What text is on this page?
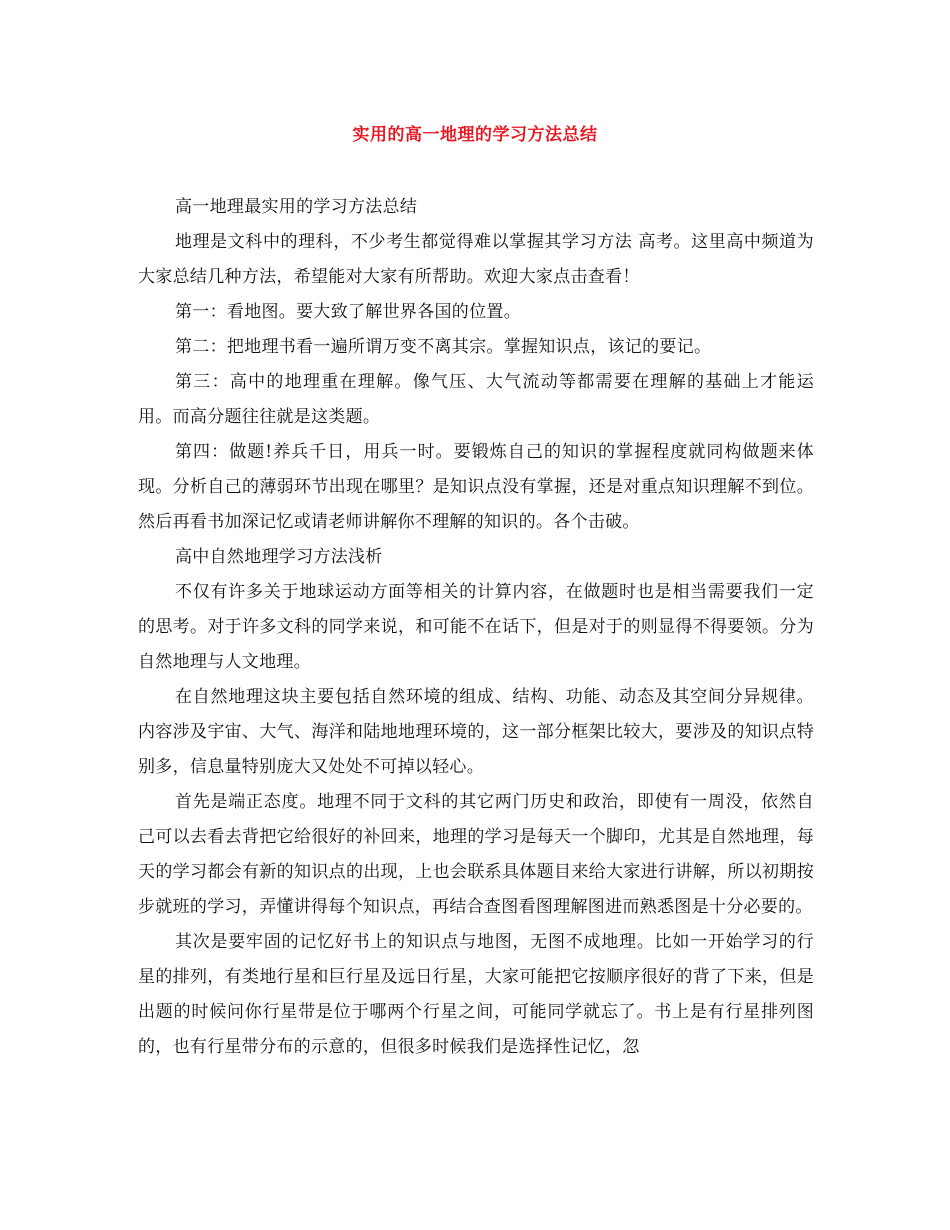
实用的高一地理的学习方法总结

高一地理最实用的学习方法总结

地理是文科中的理科，不少考生都觉得难以掌握其学习方法 高考。这里高中频道为大家总结几种方法，希望能对大家有所帮助。欢迎大家点击查看！

第一：看地图。要大致了解世界各国的位置。

第二：把地理书看一遍所谓万变不离其宗。掌握知识点，该记的要记。

第三：高中的地理重在理解。像气压、大气流动等都需要在理解的基础上才能运用。而高分题往往就是这类题。

第四：做题!养兵千日，用兵一时。要锻炼自己的知识的掌握程度就同构做题来体现。分析自己的薄弱环节出现在哪里？是知识点没有掌握，还是对重点知识理解不到位。然后再看书加深记忆或请老师讲解你不理解的知识的。各个击破。

高中自然地理学习方法浅析

不仅有许多关于地球运动方面等相关的计算内容，在做题时也是相当需要我们一定的思考。对于许多文科的同学来说，和可能不在话下，但是对于的则显得不得要领。分为自然地理与人文地理。

在自然地理这块主要包括自然环境的组成、结构、功能、动态及其空间分异规律。内容涉及宇宙、大气、海洋和陆地地理环境的，这一部分框架比较大，要涉及的知识点特别多，信息量特别庞大又处处不可掉以轻心。

首先是端正态度。地理不同于文科的其它两门历史和政治，即使有一周没，依然自己可以去看去背把它给很好的补回来，地理的学习是每天一个脚印，尤其是自然地理，每天的学习都会有新的知识点的出现，上也会联系具体题目来给大家进行讲解，所以初期按步就班的学习，弄懂讲得每个知识点，再结合查图看图理解图进而熟悉图是十分必要的。

其次是要牢固的记忆好书上的知识点与地图，无图不成地理。比如一开始学习的行星的排列，有类地行星和巨行星及远日行星，大家可能把它按顺序很好的背了下来，但是出题的时候问你行星带是位于哪两个行星之间，可能同学就忘了。书上是有行星排列图的，也有行星带分布的示意的，但很多时候我们是选择性记忆，忽
